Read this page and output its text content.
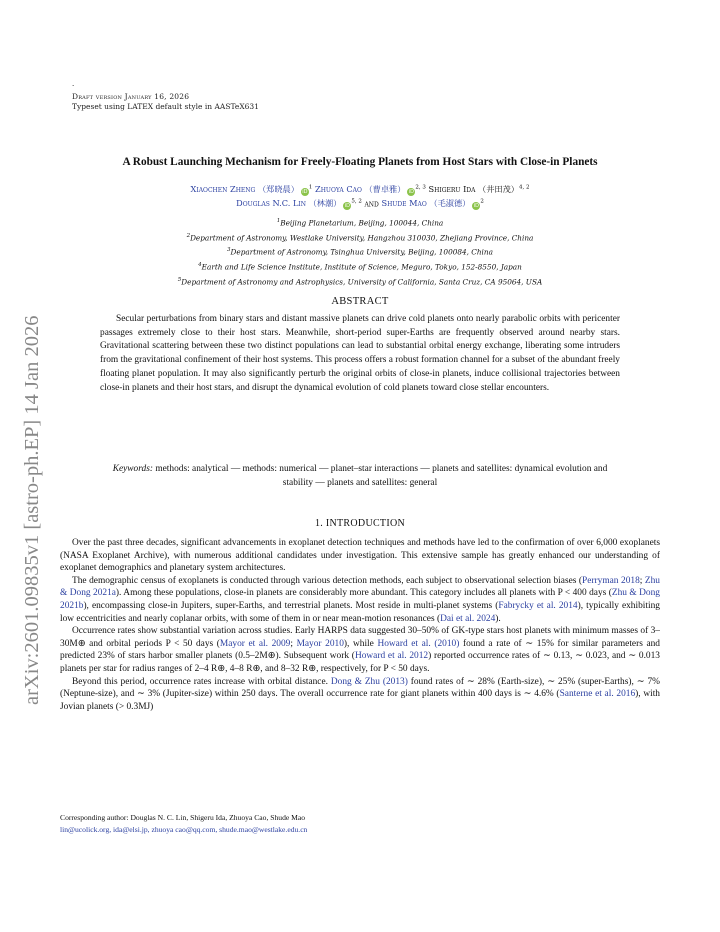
arXiv:2601.09835v1 [astro-ph.EP] 14 Jan 2026
.
Draft version January 16, 2026
Typeset using LATEX default style in AASTeX631
A Robust Launching Mechanism for Freely-Floating Planets from Host Stars with Close-in Planets
Xiaochen Zheng （郑晓晨） $iD^1$ Zhuoya Cao （曹卓雅） iD$^{2, 3}$ Shigeru Ida （井田茂）$^{4, 2}$
Douglas N.C. Lin （林潮） iD$^{5, 2}$ and Shude Mao （毛淑德） $iD^2$
$^1$Beijing Planetarium, Beijing, 100044, China
$^2$Department of Astronomy, Westlake University, Hangzhou 310030, Zhejiang Province, China
$^3$Department of Astronomy, Tsinghua University, Beijing, 100084, China
$^4$Earth and Life Science Institute, Institute of Science, Meguro, Tokyo, 152-8550, Japan
$^5$Department of Astronomy and Astrophysics, University of California, Santa Cruz, CA 95064, USA
ABSTRACT
Secular perturbations from binary stars and distant massive planets can drive cold planets onto nearly parabolic orbits with pericenter passages extremely close to their host stars. Meanwhile, short-period super-Earths are frequently observed around nearby stars. Gravitational scattering between these two distinct populations can lead to substantial orbital energy exchange, liberating some intruders from the gravitational confinement of their host systems. This process offers a robust formation channel for a subset of the abundant freely floating planet population. It may also significantly perturb the original orbits of close-in planets, induce collisional trajectories between close-in planets and their host stars, and disrupt the dynamical evolution of cold planets toward close stellar encounters.
Keywords: methods: analytical — methods: numerical — planet–star interactions — planets and satellites: dynamical evolution and stability — planets and satellites: general
1. INTRODUCTION

Over the past three decades, significant advancements in exoplanet detection techniques and methods have led to the confirmation of over 6,000 exoplanets (NASA Exoplanet Archive), with numerous additional candidates under investigation. This extensive sample has greatly enhanced our understanding of exoplanet demographics and planetary system architectures.

The demographic census of exoplanets is conducted through various detection methods, each subject to observational selection biases (Perryman 2018; Zhu & Dong 2021a). Among these populations, close-in planets are considerably more abundant. This category includes all planets with P < 400 days (Zhu & Dong 2021b), encompassing close-in Jupiters, super-Earths, and terrestrial planets. Most reside in multi-planet systems (Fabrycky et al. 2014), typically exhibiting low eccentricities and nearly coplanar orbits, with some of them in or near mean-motion resonances (Dai et al. 2024).

Occurrence rates show substantial variation across studies. Early HARPS data suggested 30–50% of GK-type stars host planets with minimum masses of 3–30M⊕ and orbital periods P < 50 days (Mayor et al. 2009; Mayor 2010), while Howard et al. (2010) found a rate of ∼ 15% for similar parameters and predicted 23% of stars harbor smaller planets (0.5–2M⊕). Subsequent work (Howard et al. 2012) reported occurrence rates of ∼ 0.13, ∼ 0.023, and ∼ 0.013 planets per star for radius ranges of 2–4 R⊕, 4–8 R⊕, and 8–32 R⊕, respectively, for P < 50 days.

Beyond this period, occurrence rates increase with orbital distance. Dong & Zhu (2013) found rates of ∼ 28% (Earth-size), ∼ 25% (super-Earths), ∼ 7% (Neptune-size), and ∼ 3% (Jupiter-size) within 250 days. The overall occurrence rate for giant planets within 400 days is ∼ 4.6% (Santerne et al. 2016), with Jovian planets (> 0.3MJ)

Corresponding author: Douglas N. C. Lin, Shigeru Ida, Zhuoya Cao, Shude Mao
lin@ucolick.org, ida@elsi.jp, zhuoya cao@qq.com, shude.mao@westlake.edu.cn
